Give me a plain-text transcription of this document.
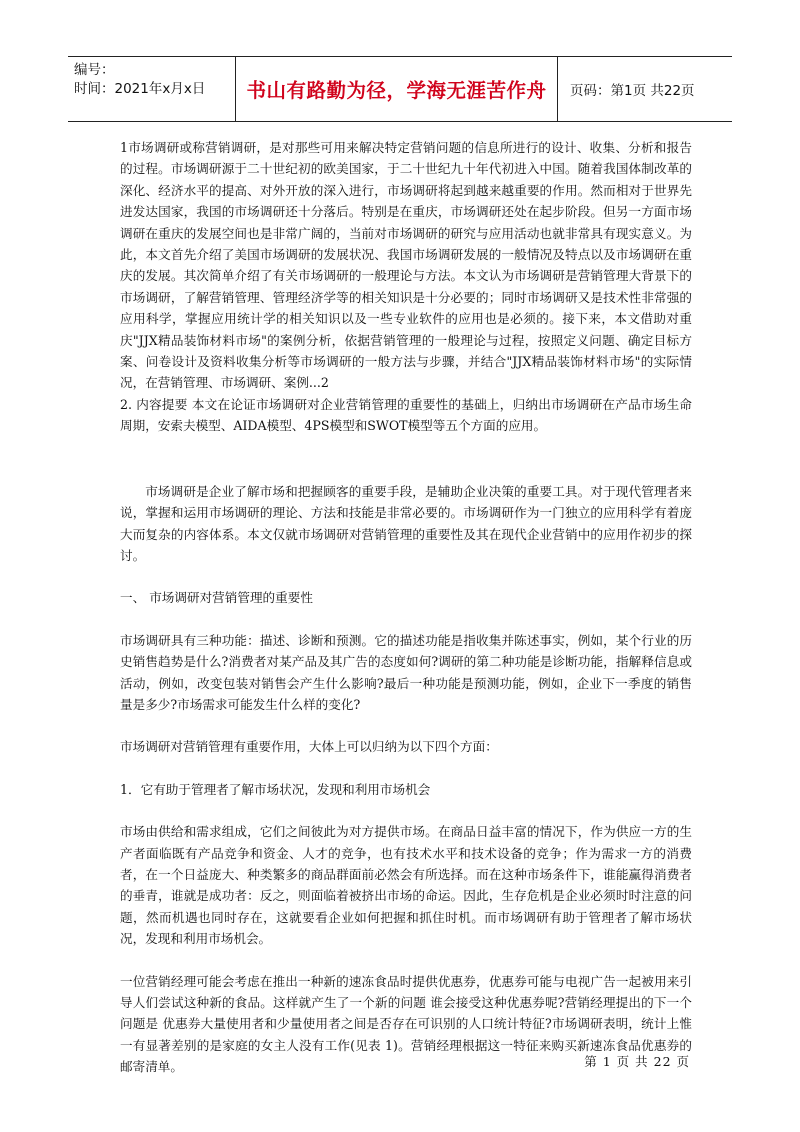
编号：
时间：2021年x月x日	书山有路勤为径，学海无涯苦作舟	页码：第1页 共22页

1市场调研或称营销调研，是对那些可用来解决特定营销问题的信息所进行的设计、收集、分析和报告的过程。市场调研源于二十世纪初的欧美国家，于二十世纪九十年代初进入中国。随着我国体制改革的深化、经济水平的提高、对外开放的深入进行，市场调研将起到越来越重要的作用。然而相对于世界先进发达国家，我国的市场调研还十分落后。特别是在重庆，市场调研还处在起步阶段。但另一方面市场调研在重庆的发展空间也是非常广阔的，当前对市场调研的研究与应用活动也就非常具有现实意义。为此，本文首先介绍了美国市场调研的发展状况、我国市场调研发展的一般情况及特点以及市场调研在重庆的发展。其次简单介绍了有关市场调研的一般理论与方法。本文认为市场调研是营销管理大背景下的市场调研，了解营销管理、管理经济学等的相关知识是十分必要的；同时市场调研又是技术性非常强的应用科学，掌握应用统计学的相关知识以及一些专业软件的应用也是必须的。接下来，本文借助对重庆"JJX精品装饰材料市场"的案例分析，依据营销管理的一般理论与过程，按照定义问题、确定目标方案、问卷设计及资料收集分析等市场调研的一般方法与步骤，并结合"JJX精品装饰材料市场"的实际情况，在营销管理、市场调研、案例...2

2. 内容提要 本文在论证市场调研对企业营销管理的重要性的基础上，归纳出市场调研在产品市场生命周期，安索夫模型、AIDA模型、4PS模型和SWOT模型等五个方面的应用。

市场调研是企业了解市场和把握顾客的重要手段，是辅助企业决策的重要工具。对于现代管理者来说，掌握和运用市场调研的理论、方法和技能是非常必要的。市场调研作为一门独立的应用科学有着庞大而复杂的内容体系。本文仅就市场调研对营销管理的重要性及其在现代企业营销中的应用作初步的探讨。

一、 市场调研对营销管理的重要性

市场调研具有三种功能：描述、诊断和预测。它的描述功能是指收集并陈述事实，例如，某个行业的历史销售趋势是什么?消费者对某产品及其广告的态度如何?调研的第二种功能是诊断功能，指解释信息或活动，例如，改变包装对销售会产生什么影响?最后一种功能是预测功能，例如，企业下一季度的销售量是多少?市场需求可能发生什么样的变化?

市场调研对营销管理有重要作用，大体上可以归纳为以下四个方面：

1．它有助于管理者了解市场状况，发现和利用市场机会

市场由供给和需求组成，它们之间彼此为对方提供市场。在商品日益丰富的情况下，作为供应一方的生产者面临既有产品竞争和资金、人才的竞争，也有技术水平和技术设备的竞争；作为需求一方的消费者，在一个日益庞大、种类繁多的商品群面前必然会有所选择。而在这种市场条件下，谁能赢得消费者的垂青，谁就是成功者：反之，则面临着被挤出市场的命运。因此，生存危机是企业必须时时注意的问题，然而机遇也同时存在，这就要看企业如何把握和抓住时机。而市场调研有助于管理者了解市场状况，发现和利用市场机会。

一位营销经理可能会考虑在推出一种新的速冻食品时提供优惠券，优惠券可能与电视广告一起被用来引导人们尝试这种新的食品。这样就产生了一个新的问题 谁会接受这种优惠券呢?营销经理提出的下一个问题是 优惠券大量使用者和少量使用者之间是否存在可识别的人口统计特征?市场调研表明，统计上惟一有显著差别的是家庭的女主人没有工作(见表 1)。营销经理根据这一特征来购买新速冻食品优惠券的邮寄清单。	第 1 页 共 22 页
